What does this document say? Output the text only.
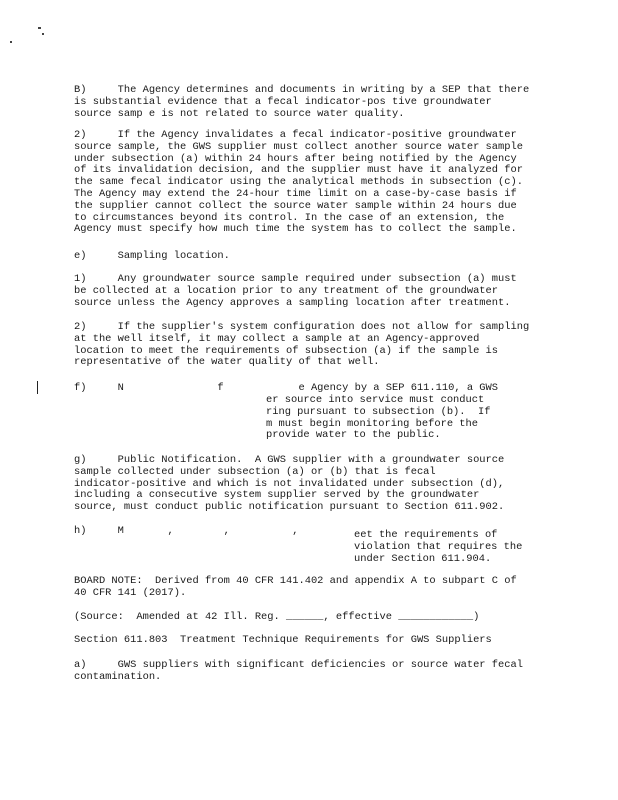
B)     The Agency determines and documents in writing by a SEP that there
is substantial evidence that a fecal indicator-pos tive groundwater
source samp e is not related to source water quality.
2)     If the Agency invalidates a fecal indicator-positive groundwater
source sample, the GWS supplier must collect another source water sample
under subsection (a) within 24 hours after being notified by the Agency
of its invalidation decision, and the supplier must have it analyzed for
the same fecal indicator using the analytical methods in subsection (c).
The Agency may extend the 24-hour time limit on a case-by-case basis if
the supplier cannot collect the source water sample within 24 hours due
to circumstances beyond its control. In the case of an extension, the
Agency must specify how much time the system has to collect the sample.
e)     Sampling location.
1)     Any groundwater source sample required under subsection (a) must
be collected at a location prior to any treatment of the groundwater
source unless the Agency approves a sampling location after treatment.
2)     If the supplier's system configuration does not allow for sampling
at the well itself, it may collect a sample at an Agency-approved
location to meet the requirements of subsection (a) if the sample is
representative of the water quality of that well.
f)     N               f            e Agency by a SEP 611.110, a GWS
er source into service must conduct
ring pursuant to subsection (b).  If
m must begin monitoring before the
provide water to the public.
g)     Public Notification.  A GWS supplier with a groundwater source
sample collected under subsection (a) or (b) that is fecal
indicator-positive and which is not invalidated under subsection (d),
including a consecutive system supplier served by the groundwater
source, must conduct public notification pursuant to Section 611.902.
h)     M       ,        ,          ,	eet the requirements of
violation that requires the
under Section 611.904.
BOARD NOTE:  Derived from 40 CFR 141.402 and appendix A to subpart C of
40 CFR 141 (2017).
(Source:  Amended at 42 Ill. Reg. ______, effective ____________)
Section 611.803  Treatment Technique Requirements for GWS Suppliers
a)     GWS suppliers with significant deficiencies or source water fecal
contamination.
